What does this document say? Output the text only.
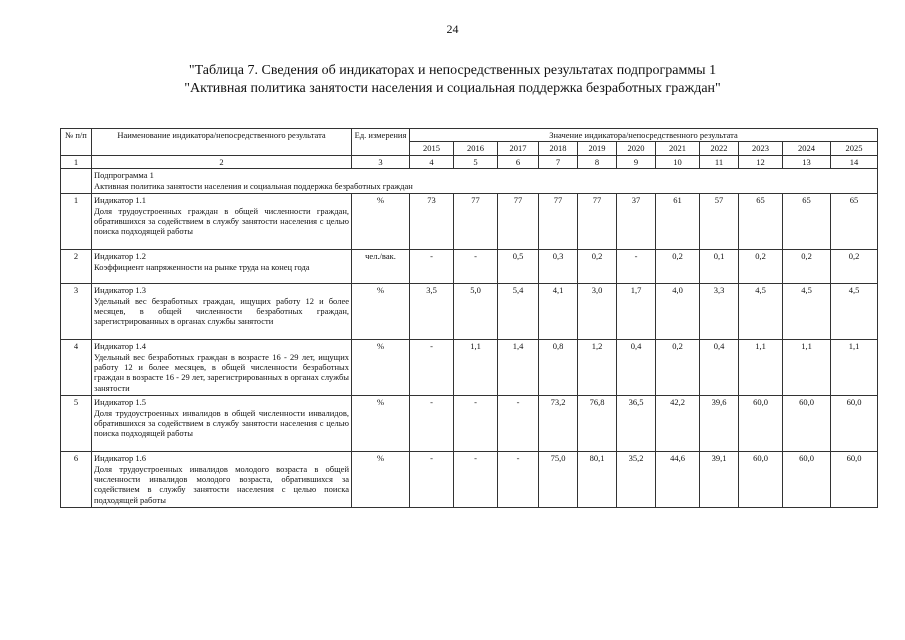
24
"Таблица 7. Сведения об индикаторах и непосредственных результатах подпрограммы 1 "Активная политика занятости населения и социальная поддержка безработных граждан"
№ п/п	Наименование индикатора/непосредственного результата	Ед. измерения	Значение индикатора/непосредственного результата										
			2015	2016	2017	2018	2019	2020	2021	2022	2023	2024	2025
1	2	3	4	5	6	7	8	9	10	11	12	13	14

	Подпрограмма 1
Активная политика занятости населения и социальная поддержка безработных граждан												

1	Индикатор 1.1
Доля трудоустроенных граждан в общей численности граждан, обратившихся за содействием в службу занятости населения с целью поиска подходящей работы	%	73	77	77	77	77	37	61	57	65	65	65
2	Индикатор 1.2
Коэффициент напряженности на рынке труда на конец года	чел./вак.	-	-	0,5	0,3	0,2	-	0,2	0,1	0,2	0,2	0,2
3	Индикатор 1.3
Удельный вес безработных граждан, ищущих работу 12 и более месяцев, в общей численности безработных граждан, зарегистрированных в органах службы занятости	%	3,5	5,0	5,4	4,1	3,0	1,7	4,0	3,3	4,5	4,5	4,5
4	Индикатор 1.4
Удельный вес безработных граждан в возрасте 16 - 29 лет, ищущих работу 12 и более месяцев, в общей численности безработных граждан в возрасте 16 - 29 лет, зарегистрированных в органах службы занятости	%	-	1,1	1,4	0,8	1,2	0,4	0,2	0,4	1,1	1,1	1,1
5	Индикатор 1.5
Доля трудоустроенных инвалидов в общей численности инвалидов, обратившихся за содействием в службу занятости населения с целью поиска подходящей работы	%	-	-	-	73,2	76,8	36,5	42,2	39,6	60,0	60,0	60,0
6	Индикатор 1.6
Доля трудоустроенных инвалидов молодого возраста в общей численности инвалидов молодого возраста, обратившихся за содействием в службу занятости населения с целью поиска подходящей работы	%	-	-	-	75,0	80,1	35,2	44,6	39,1	60,0	60,0	60,0
